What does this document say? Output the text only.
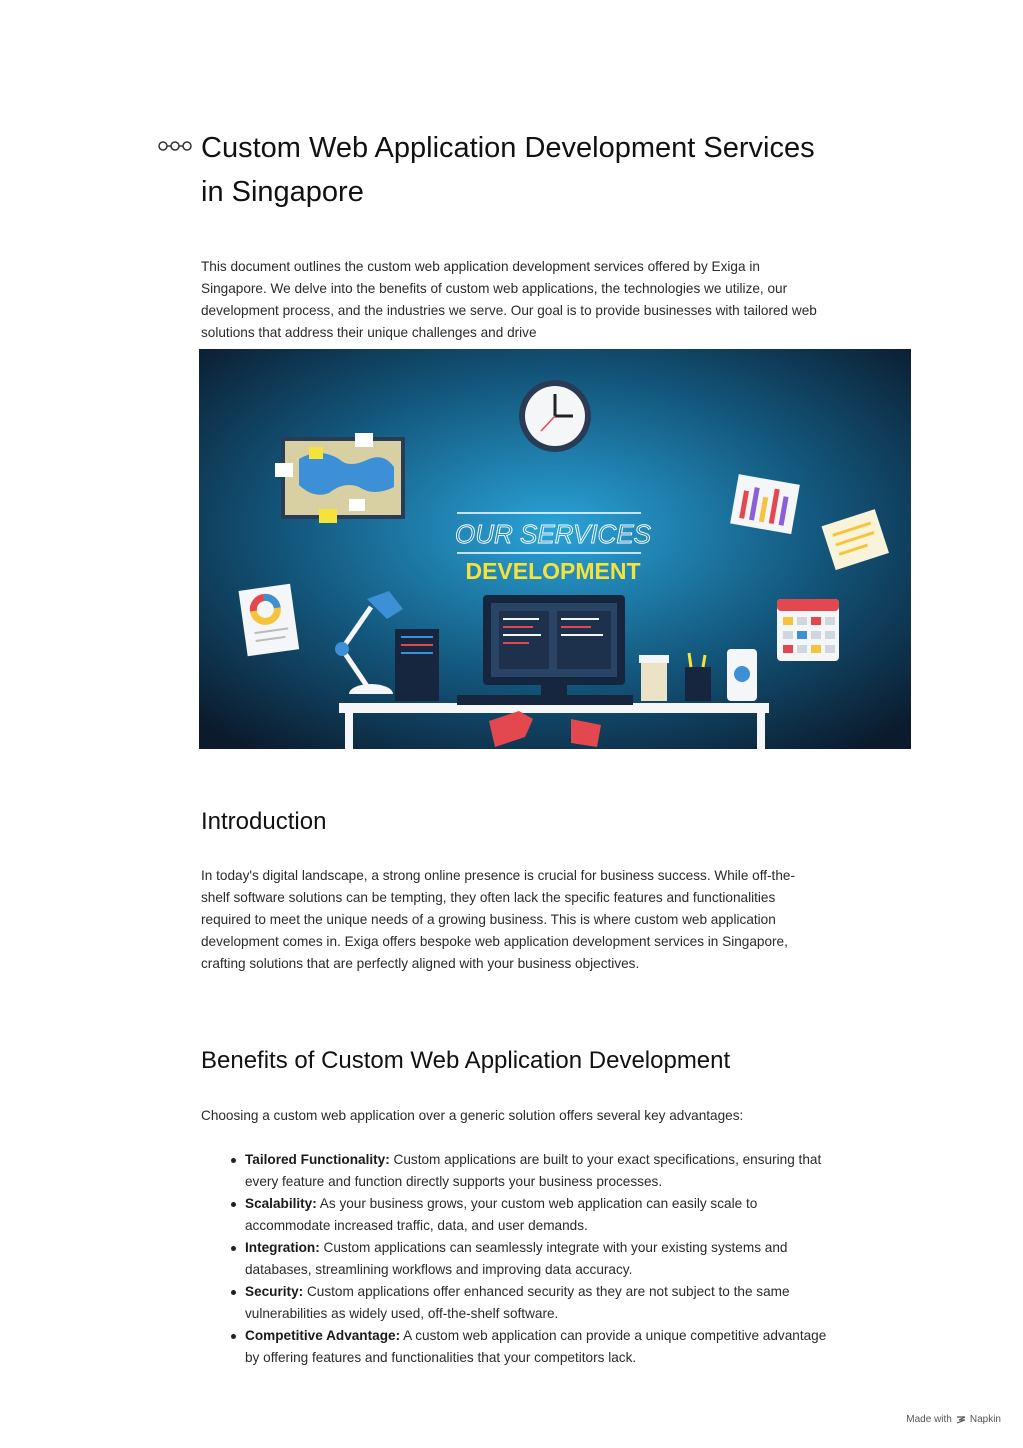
Custom Web Application Development Services in Singapore

This document outlines the custom web application development services offered by Exiga in Singapore. We delve into the benefits of custom web applications, the technologies we utilize, our development process, and the industries we serve. Our goal is to provide businesses with tailored web solutions that address their unique challenges and drive

OUR SERVICES
DEVELOPMENT
Introduction

In today's digital landscape, a strong online presence is crucial for business success. While off-the-shelf software solutions can be tempting, they often lack the specific features and functionalities required to meet the unique needs of a growing business. This is where custom web application development comes in. Exiga offers bespoke web application development services in Singapore, crafting solutions that are perfectly aligned with your business objectives.

Benefits of Custom Web Application Development

Choosing a custom web application over a generic solution offers several key advantages:

Tailored Functionality: Custom applications are built to your exact specifications, ensuring that every feature and function directly supports your business processes.
Scalability: As your business grows, your custom web application can easily scale to accommodate increased traffic, data, and user demands.
Integration: Custom applications can seamlessly integrate with your existing systems and databases, streamlining workflows and improving data accuracy.
Security: Custom applications offer enhanced security as they are not subject to the same vulnerabilities as widely used, off-the-shelf software.
Competitive Advantage: A custom web application can provide a unique competitive advantage by offering features and functionalities that your competitors lack.
Made with Napkin
